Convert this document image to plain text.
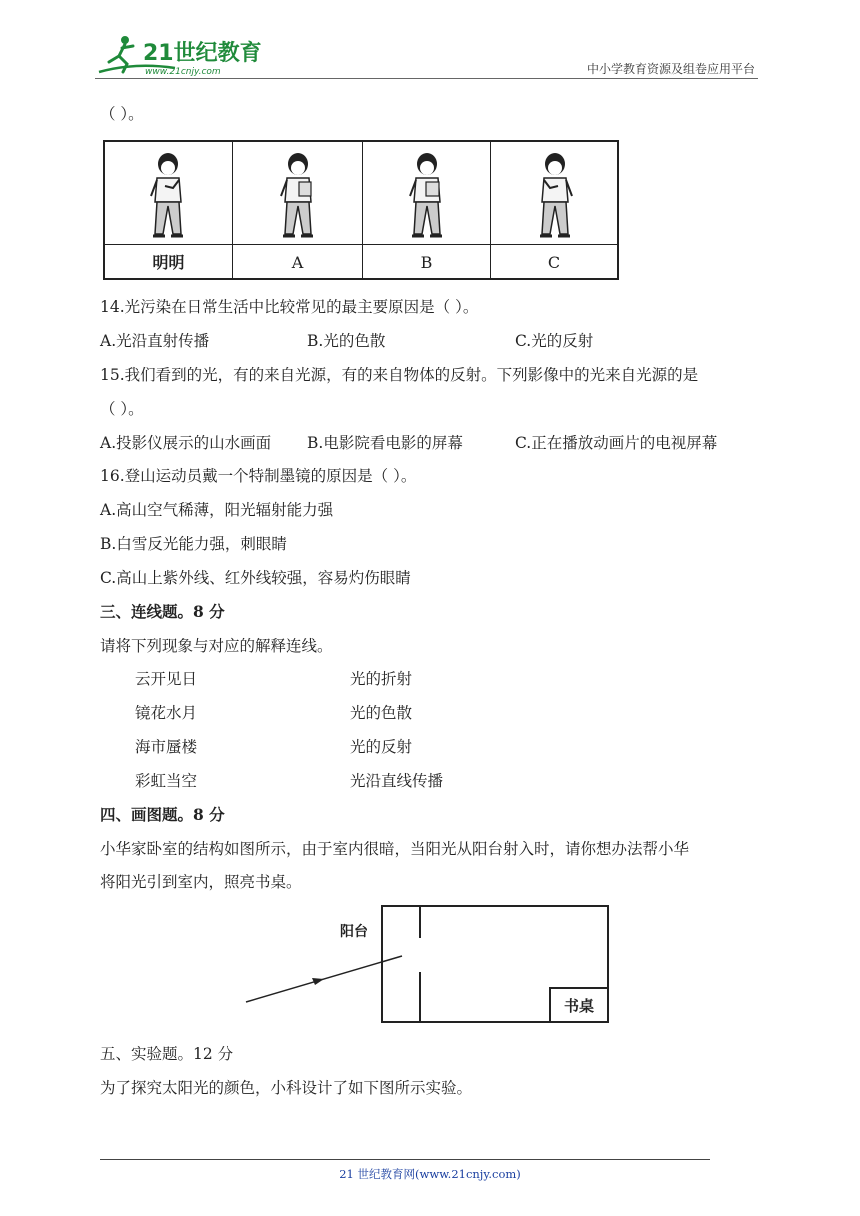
21世纪教育
www.21cnjy.com	中小学教育资源及组卷应用平台
（ ）。
明明	A	B	C
14.光污染在日常生活中比较常见的最主要原因是（ ）。
A.光沿直射传播	B.光的色散	C.光的反射
15.我们看到的光，有的来自光源，有的来自物体的反射。下列影像中的光来自光源的是
（ ）。
A.投影仪展示的山水画面 B.电影院看电影的屏幕	C.正在播放动画片的电视屏幕
16.登山运动员戴一个特制墨镜的原因是（ ）。
A.高山空气稀薄，阳光辐射能力强
B.白雪反光能力强，刺眼睛
C.高山上紫外线、红外线较强，容易灼伤眼睛
三、连线题。8 分
请将下列现象与对应的解释连线。
云开见日	光的折射
镜花水月	光的色散
海市蜃楼	光的反射
彩虹当空	光沿直线传播
四、画图题。8 分
小华家卧室的结构如图所示，由于室内很暗，当阳光从阳台射入时，请你想办法帮小华
将阳光引到室内，照亮书桌。
书桌
阳台
五、实验题。12 分
为了探究太阳光的颜色，小科设计了如下图所示实验。
21 世纪教育网(www.21cnjy.com)
